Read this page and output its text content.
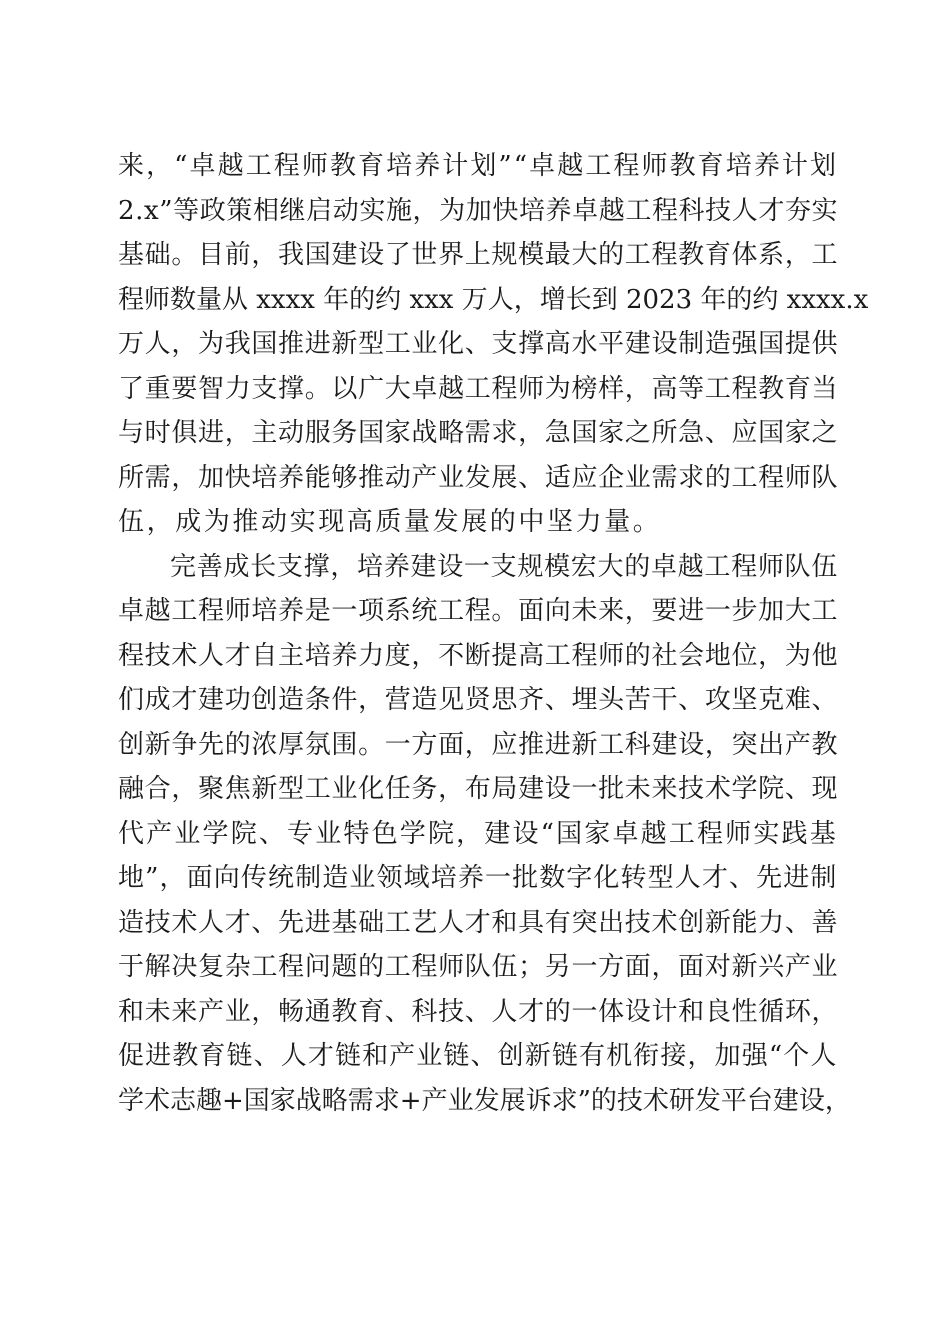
来，“卓越工程师教育培养计划”“卓越工程师教育培养计划
2.x”等政策相继启动实施，为加快培养卓越工程科技人才夯实
基础。目前，我国建设了世界上规模最大的工程教育体系，工
程师数量从 xxxx 年的约 xxx 万人，增长到 2023 年的约 xxxx.x
万人，为我国推进新型工业化、支撑高水平建设制造强国提供
了重要智力支撑。以广大卓越工程师为榜样，高等工程教育当
与时俱进，主动服务国家战略需求，急国家之所急、应国家之
所需，加快培养能够推动产业发展、适应企业需求的工程师队
伍，成为推动实现高质量发展的中坚力量。
完善成长支撑，培养建设一支规模宏大的卓越工程师队伍
卓越工程师培养是一项系统工程。面向未来，要进一步加大工
程技术人才自主培养力度，不断提高工程师的社会地位，为他
们成才建功创造条件，营造见贤思齐、埋头苦干、攻坚克难、
创新争先的浓厚氛围。一方面，应推进新工科建设，突出产教
融合，聚焦新型工业化任务，布局建设一批未来技术学院、现
代产业学院、专业特色学院，建设“国家卓越工程师实践基
地”，面向传统制造业领域培养一批数字化转型人才、先进制
造技术人才、先进基础工艺人才和具有突出技术创新能力、善
于解决复杂工程问题的工程师队伍；另一方面，面对新兴产业
和未来产业，畅通教育、科技、人才的一体设计和良性循环，
促进教育链、人才链和产业链、创新链有机衔接，加强“个人
学术志趣+国家战略需求+产业发展诉求”的技术研发平台建设，
